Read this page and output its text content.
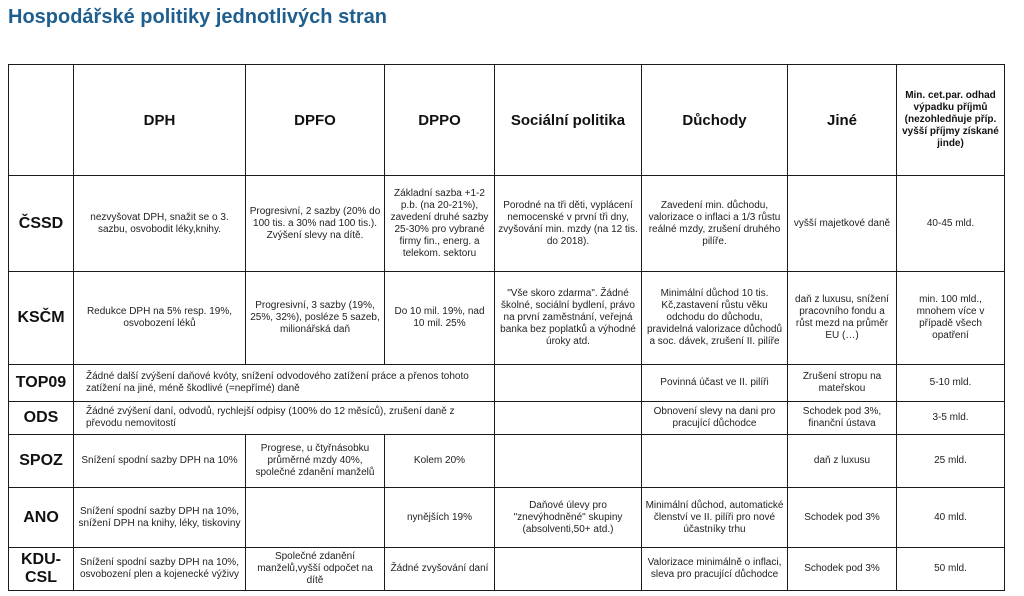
Hospodářské politiky jednotlivých stran
	DPH	DPFO	DPPO	Sociální politika	Důchody	Jiné	Min. cet.par. odhad výpadku příjmů (nezohledňuje příp. vyšší příjmy získané jinde)
ČSSD	nezvyšovat DPH, snažit se o 3. sazbu, osvobodit léky,knihy.	Progresivní, 2 sazby (20% do 100 tis. a 30% nad 100 tis.). Zvýšení slevy na dítě.	Základní sazba +1-2 p.b. (na 20-21%), zavedení druhé sazby 25-30% pro vybrané firmy fin., energ. a telekom. sektoru	Porodné na tři děti, vyplácení nemocenské v první tři dny, zvyšování min. mzdy (na 12 tis. do 2018).	Zavedení min. důchodu, valorizace o inflaci a 1/3 růstu reálné mzdy, zrušení druhého pilíře.	vyšší majetkové daně	40-45 mld.
KSČM	Redukce DPH na 5% resp. 19%, osvobození léků	Progresivní, 3 sazby (19%, 25%, 32%), posléze 5 sazeb, milionářská daň	Do 10 mil. 19%, nad 10 mil. 25%	"Vše skoro zdarma". Žádné školné, sociální bydlení, právo na první zaměstnání, veřejná banka bez poplatků a výhodné úroky atd.	Minimální důchod 10 tis. Kč,zastavení růstu věku odchodu do důchodu, pravidelná valorizace důchodů a soc. dávek, zrušení II. pilíře	daň z luxusu, snížení pracovního fondu a růst mezd na průměr EU (…)	min. 100 mld., mnohem více v případě všech opatření
TOP09	Žádné další zvýšení daňové kvóty, snížení odvodového zatížení práce a přenos tohoto zatížení na jiné, méně škodlivé (=nepřímé) daně				Povinná účast ve II. pilíři	Zrušení stropu na mateřskou	5-10 mld.
ODS	Žádné zvýšení daní, odvodů, rychlejší odpisy (100% do 12 měsíců), zrušení daně z převodu nemovitostí				Obnovení slevy na dani pro pracující důchodce	Schodek pod 3%, finanční ústava	3-5 mld.
SPOZ	Snížení spodní sazby DPH na 10%	Progrese, u čtyřnásobku průměrné mzdy 40%, společné zdanění manželů	Kolem 20%			daň z luxusu	25 mld.
ANO	Snížení spodní sazby DPH na 10%, snížení DPH na knihy, léky, tiskoviny		nynějších 19%	Daňové úlevy pro "znevýhodněné" skupiny (absolventi,50+ atd.)	Minimální důchod, automatické členství ve II. pilíři pro nové účastníky trhu	Schodek pod 3%	40 mld.
KDU-CSL	Snížení spodní sazby DPH na 10%, osvobození plen a kojenecké výživy	Společné zdanění manželů,vyšší odpočet na dítě	Žádné zvyšování daní		Valorizace minimálně o inflaci, sleva pro pracující důchodce	Schodek pod 3%	50 mld.
